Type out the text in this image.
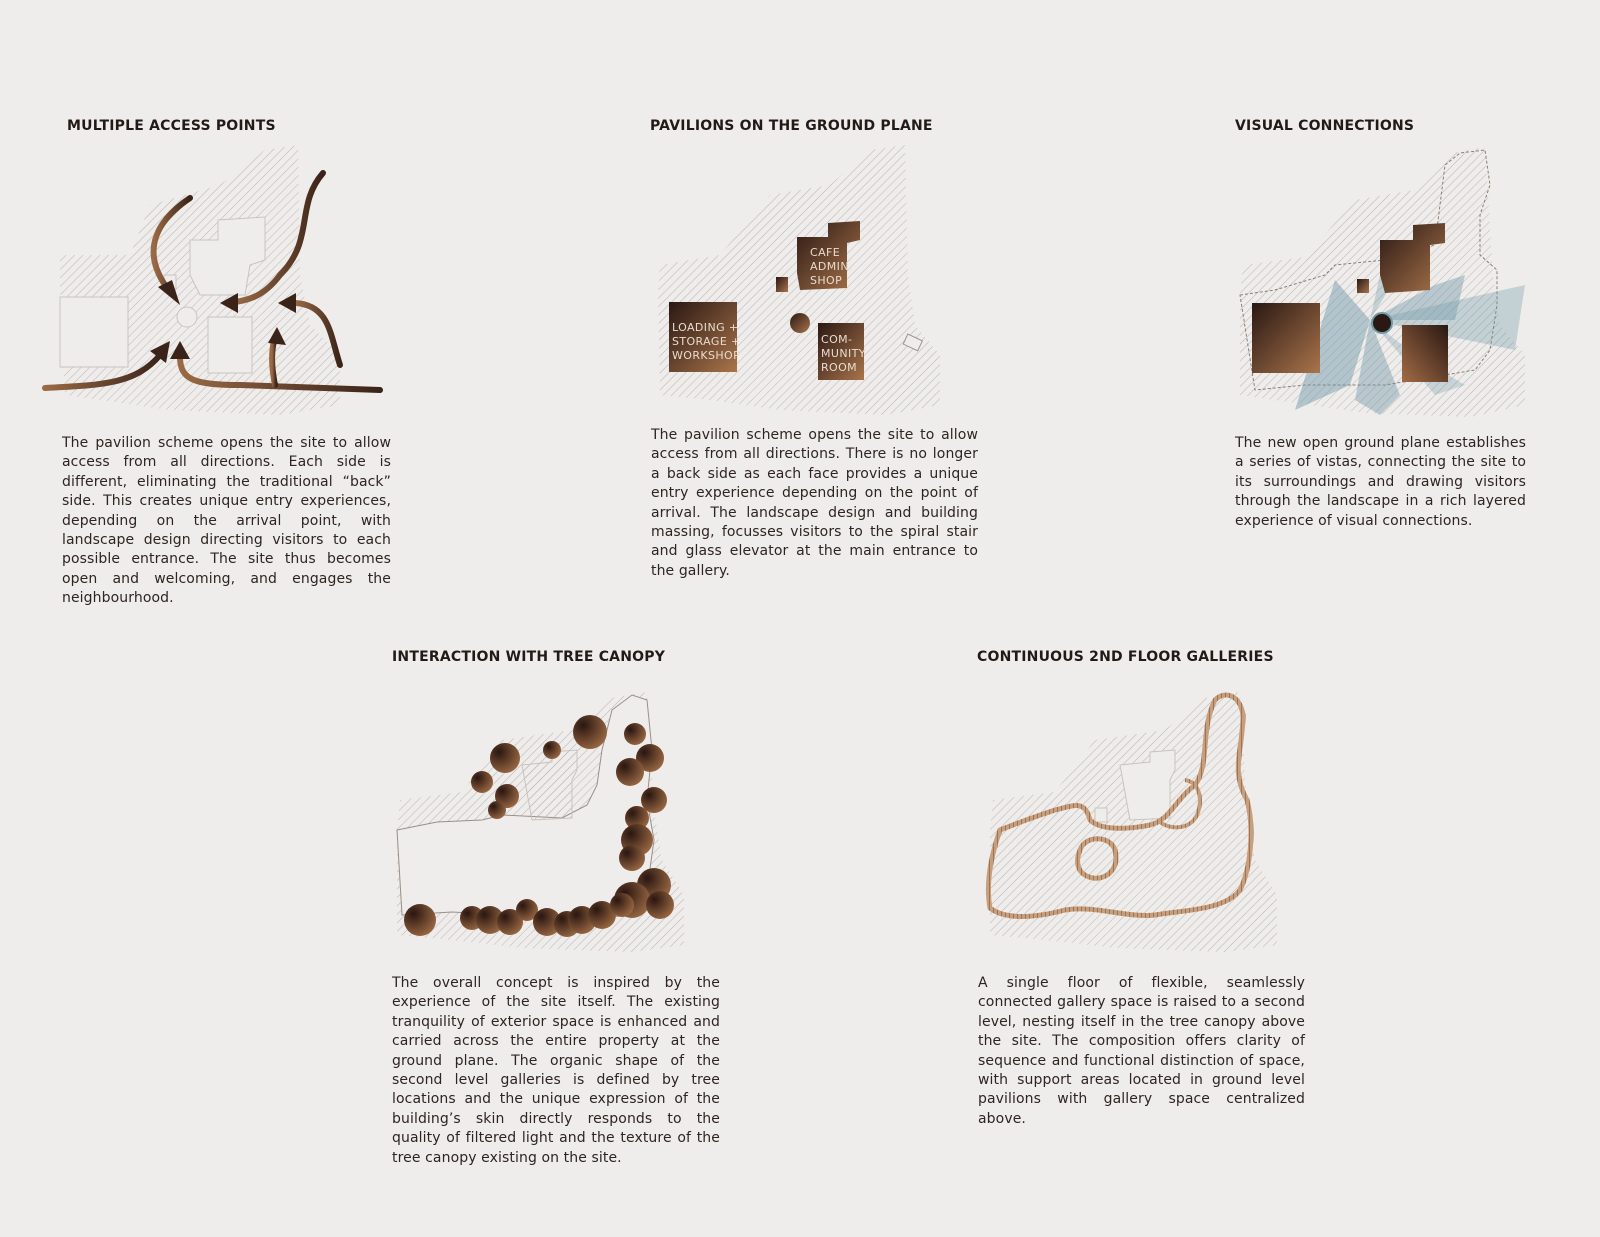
MULTIPLE ACCESS POINTS
The pavilion scheme opens the site to allow access from all directions. Each side is different, eliminating the traditional “back” side. This creates unique entry experiences, depending on the arrival point, with landscape design directing visitors to each possible entrance. The site thus becomes open and welcoming, and engages the neighbourhood.
PAVILIONS ON THE GROUND PLANE
CAFE
ADMIN.
SHOP
LOADING +
STORAGE +
WORKSHOP
COM-
MUNITY
ROOM
The pavilion scheme opens the site to allow access from all directions. There is no longer a back side as each face provides a unique entry experience depending on the point of arrival. The landscape design and building massing, focusses visitors to the spiral stair and glass elevator at the main entrance to the gallery.
VISUAL CONNECTIONS
The new open ground plane establishes a series of vistas, connecting the site to its surroundings and drawing visitors through the landscape in a rich layered experience of visual connections.
INTERACTION WITH TREE CANOPY
The overall concept is inspired by the experience of the site itself. The existing tranquility of exterior space is enhanced and carried across the entire property at the ground plane. The organic shape of the second level galleries is defined by tree locations and the unique expression of the building’s skin directly responds to the quality of filtered light and the texture of the tree canopy existing on the site.
CONTINUOUS 2ND FLOOR GALLERIES
A single floor of flexible, seamlessly connected gallery space is raised to a second level, nesting itself in the tree canopy above the site. The composition offers clarity of sequence and functional distinction of space, with support areas located in ground level pavilions with gallery space centralized above.
